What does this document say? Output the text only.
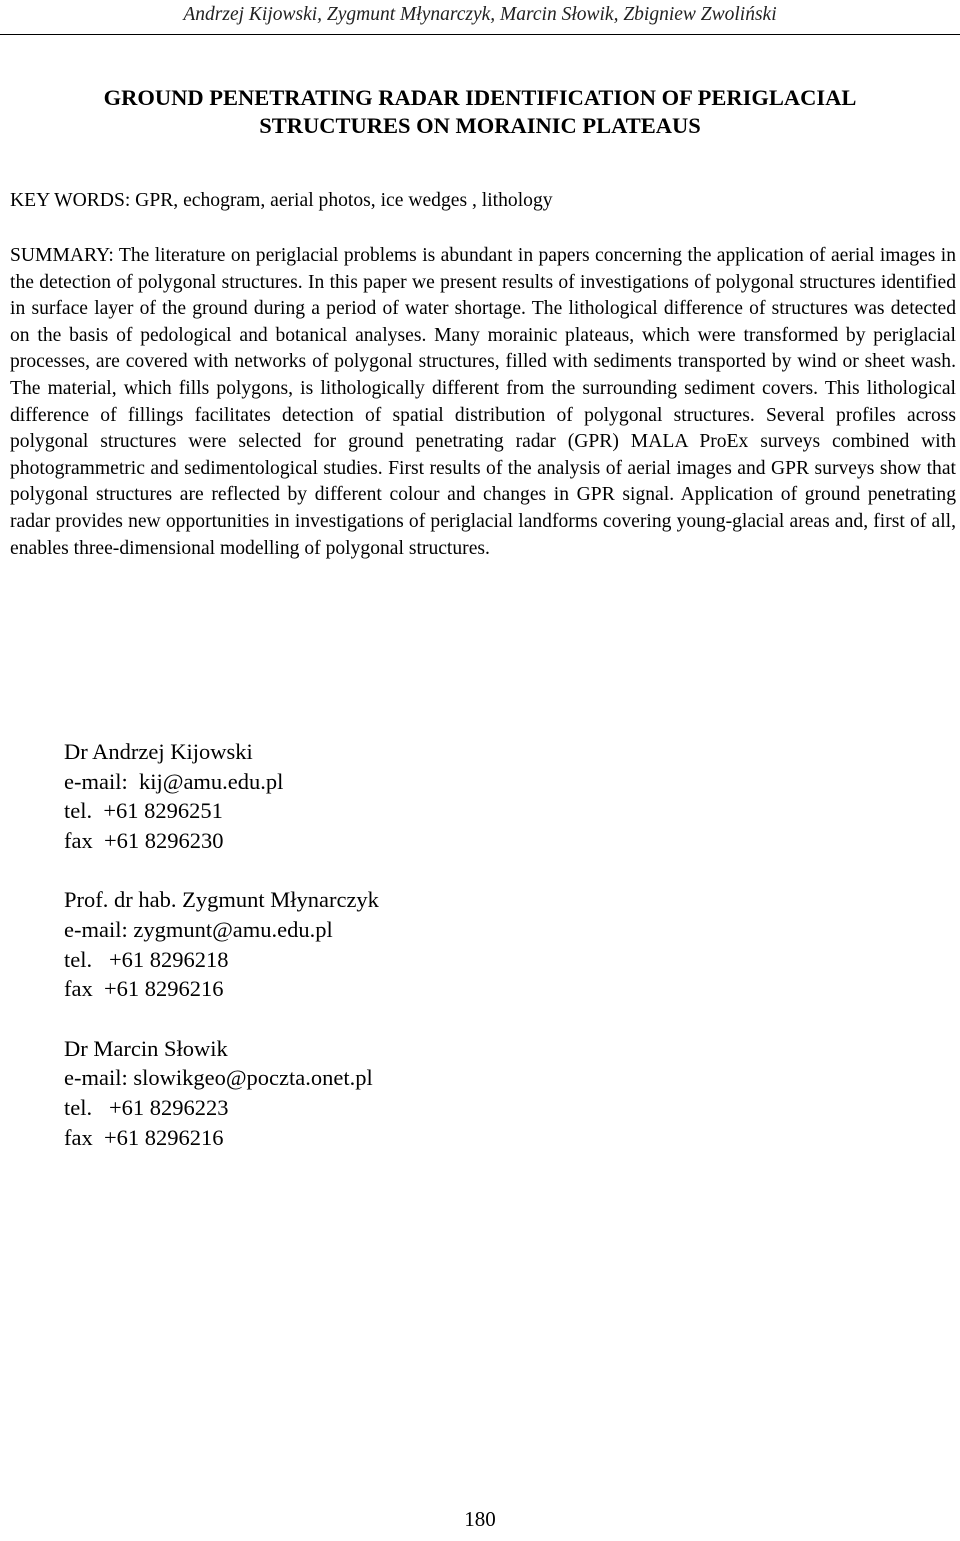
Andrzej Kijowski, Zygmunt Młynarczyk, Marcin Słowik, Zbigniew Zwoliński
GROUND PENETRATING RADAR IDENTIFICATION OF PERIGLACIAL
STRUCTURES ON MORAINIC PLATEAUS

KEY WORDS: GPR, echogram, aerial photos, ice wedges , lithology

SUMMARY: The literature on periglacial problems is abundant in papers concerning the application of aerial images in the detection of polygonal structures. In this paper we present results of investigations of polygonal structures identified in surface layer of the ground during a period of water shortage. The lithological difference of structures was detected on the basis of pedological and botanical analyses. Many morainic plateaus, which were transformed by periglacial processes, are covered with networks of polygonal structures, filled with sediments transported by wind or sheet wash. The material, which fills polygons, is lithologically different from the surrounding sediment covers. This lithological difference of fillings facilitates detection of spatial distribution of polygonal structures. Several profiles across polygonal structures were selected for ground penetrating radar (GPR) MALA ProEx surveys combined with photogrammetric and sedimentological studies. First results of the analysis of aerial images and GPR surveys show that polygonal structures are reflected by different colour and changes in GPR signal. Application of ground penetrating radar provides new opportunities in investigations of periglacial landforms covering young-glacial areas and, first of all, enables three-dimensional modelling of polygonal structures.

Dr Andrzej Kijowski
e-mail:  kij@amu.edu.pl
tel.  +61 8296251
fax  +61 8296230
Prof. dr hab. Zygmunt Młynarczyk
e-mail: zygmunt@amu.edu.pl
tel.   +61 8296218
fax  +61 8296216
Dr Marcin Słowik
e-mail: slowikgeo@poczta.onet.pl
tel.   +61 8296223
fax  +61 8296216
180
